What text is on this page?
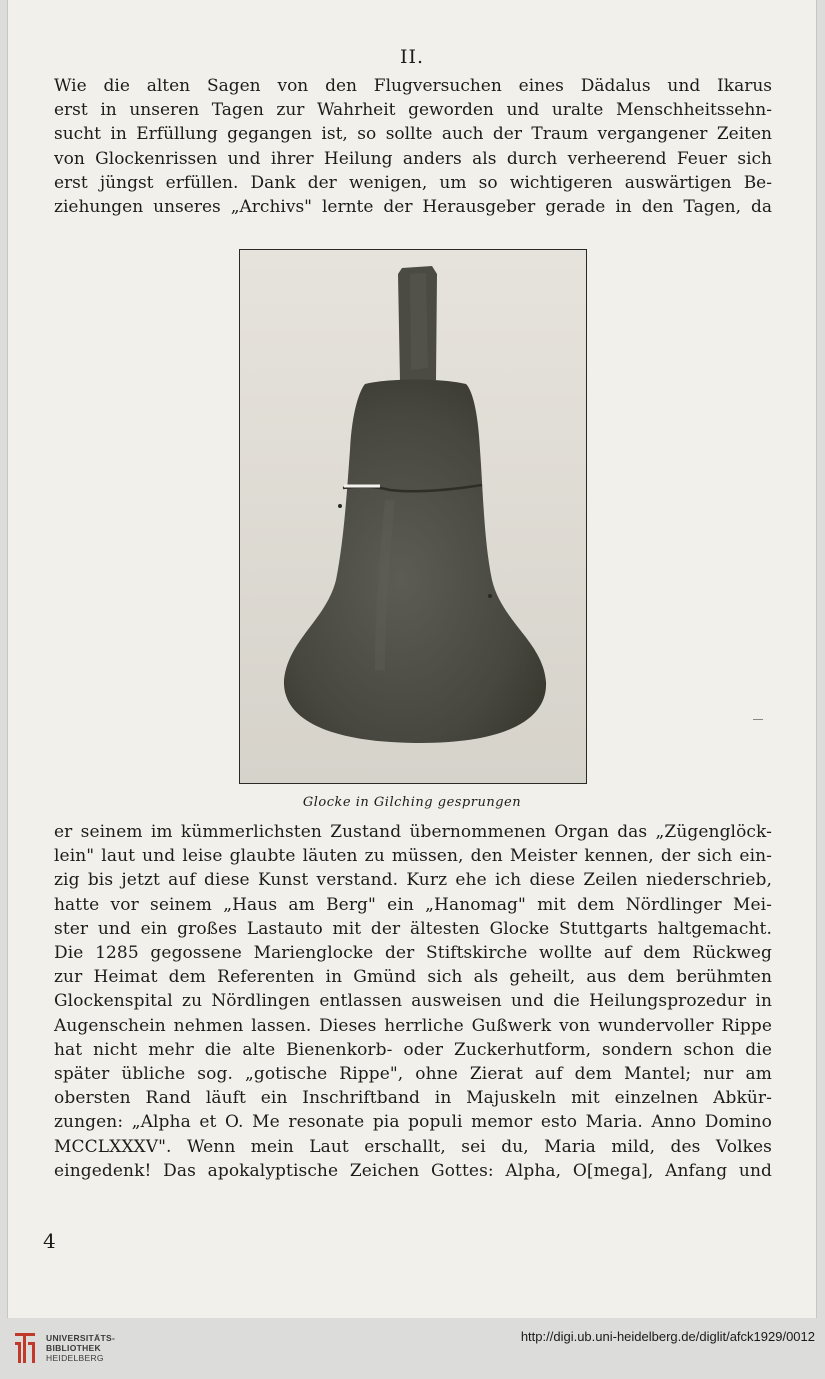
II.

Wie die alten Sagen von den Flugversuchen eines Dädalus und Ikarus
erst in unseren Tagen zur Wahrheit geworden und uralte Menschheitssehn-
sucht in Erfüllung gegangen ist, so sollte auch der Traum vergangener Zeiten
von Glockenrissen und ihrer Heilung anders als durch verheerend Feuer sich
erst jüngst erfüllen. Dank der wenigen, um so wichtigeren auswärtigen Be-
ziehungen unseres „Archivs" lernte der Herausgeber gerade in den Tagen, da

Glocke in Gilching gesprungen

er seinem im kümmerlichsten Zustand übernommenen Organ das „Zügenglöck-
lein" laut und leise glaubte läuten zu müssen, den Meister kennen, der sich ein-
zig bis jetzt auf diese Kunst verstand. Kurz ehe ich diese Zeilen niederschrieb,
hatte vor seinem „Haus am Berg" ein „Hanomag" mit dem Nördlinger Mei-
ster und ein großes Lastauto mit der ältesten Glocke Stuttgarts haltgemacht.
Die 1285 gegossene Marienglocke der Stiftskirche wollte auf dem Rückweg
zur Heimat dem Referenten in Gmünd sich als geheilt, aus dem berühmten
Glockenspital zu Nördlingen entlassen ausweisen und die Heilungsprozedur in
Augenschein nehmen lassen. Dieses herrliche Gußwerk von wundervoller Rippe
hat nicht mehr die alte Bienenkorb- oder Zuckerhutform, sondern schon die
später übliche sog. „gotische Rippe", ohne Zierat auf dem Mantel; nur am
obersten Rand läuft ein Inschriftband in Majuskeln mit einzelnen Abkür-
zungen: „Alpha et O. Me resonate pia populi memor esto Maria. Anno Domino
MCCLXXXV". Wenn mein Laut erschallt, sei du, Maria mild, des Volkes
eingedenk! Das apokalyptische Zeichen Gottes: Alpha, O[mega], Anfang und

4
UNIVERSITÄTS-
BIBLIOTHEK
HEIDELBERG
http://digi.ub.uni-heidelberg.de/diglit/afck1929/0012
